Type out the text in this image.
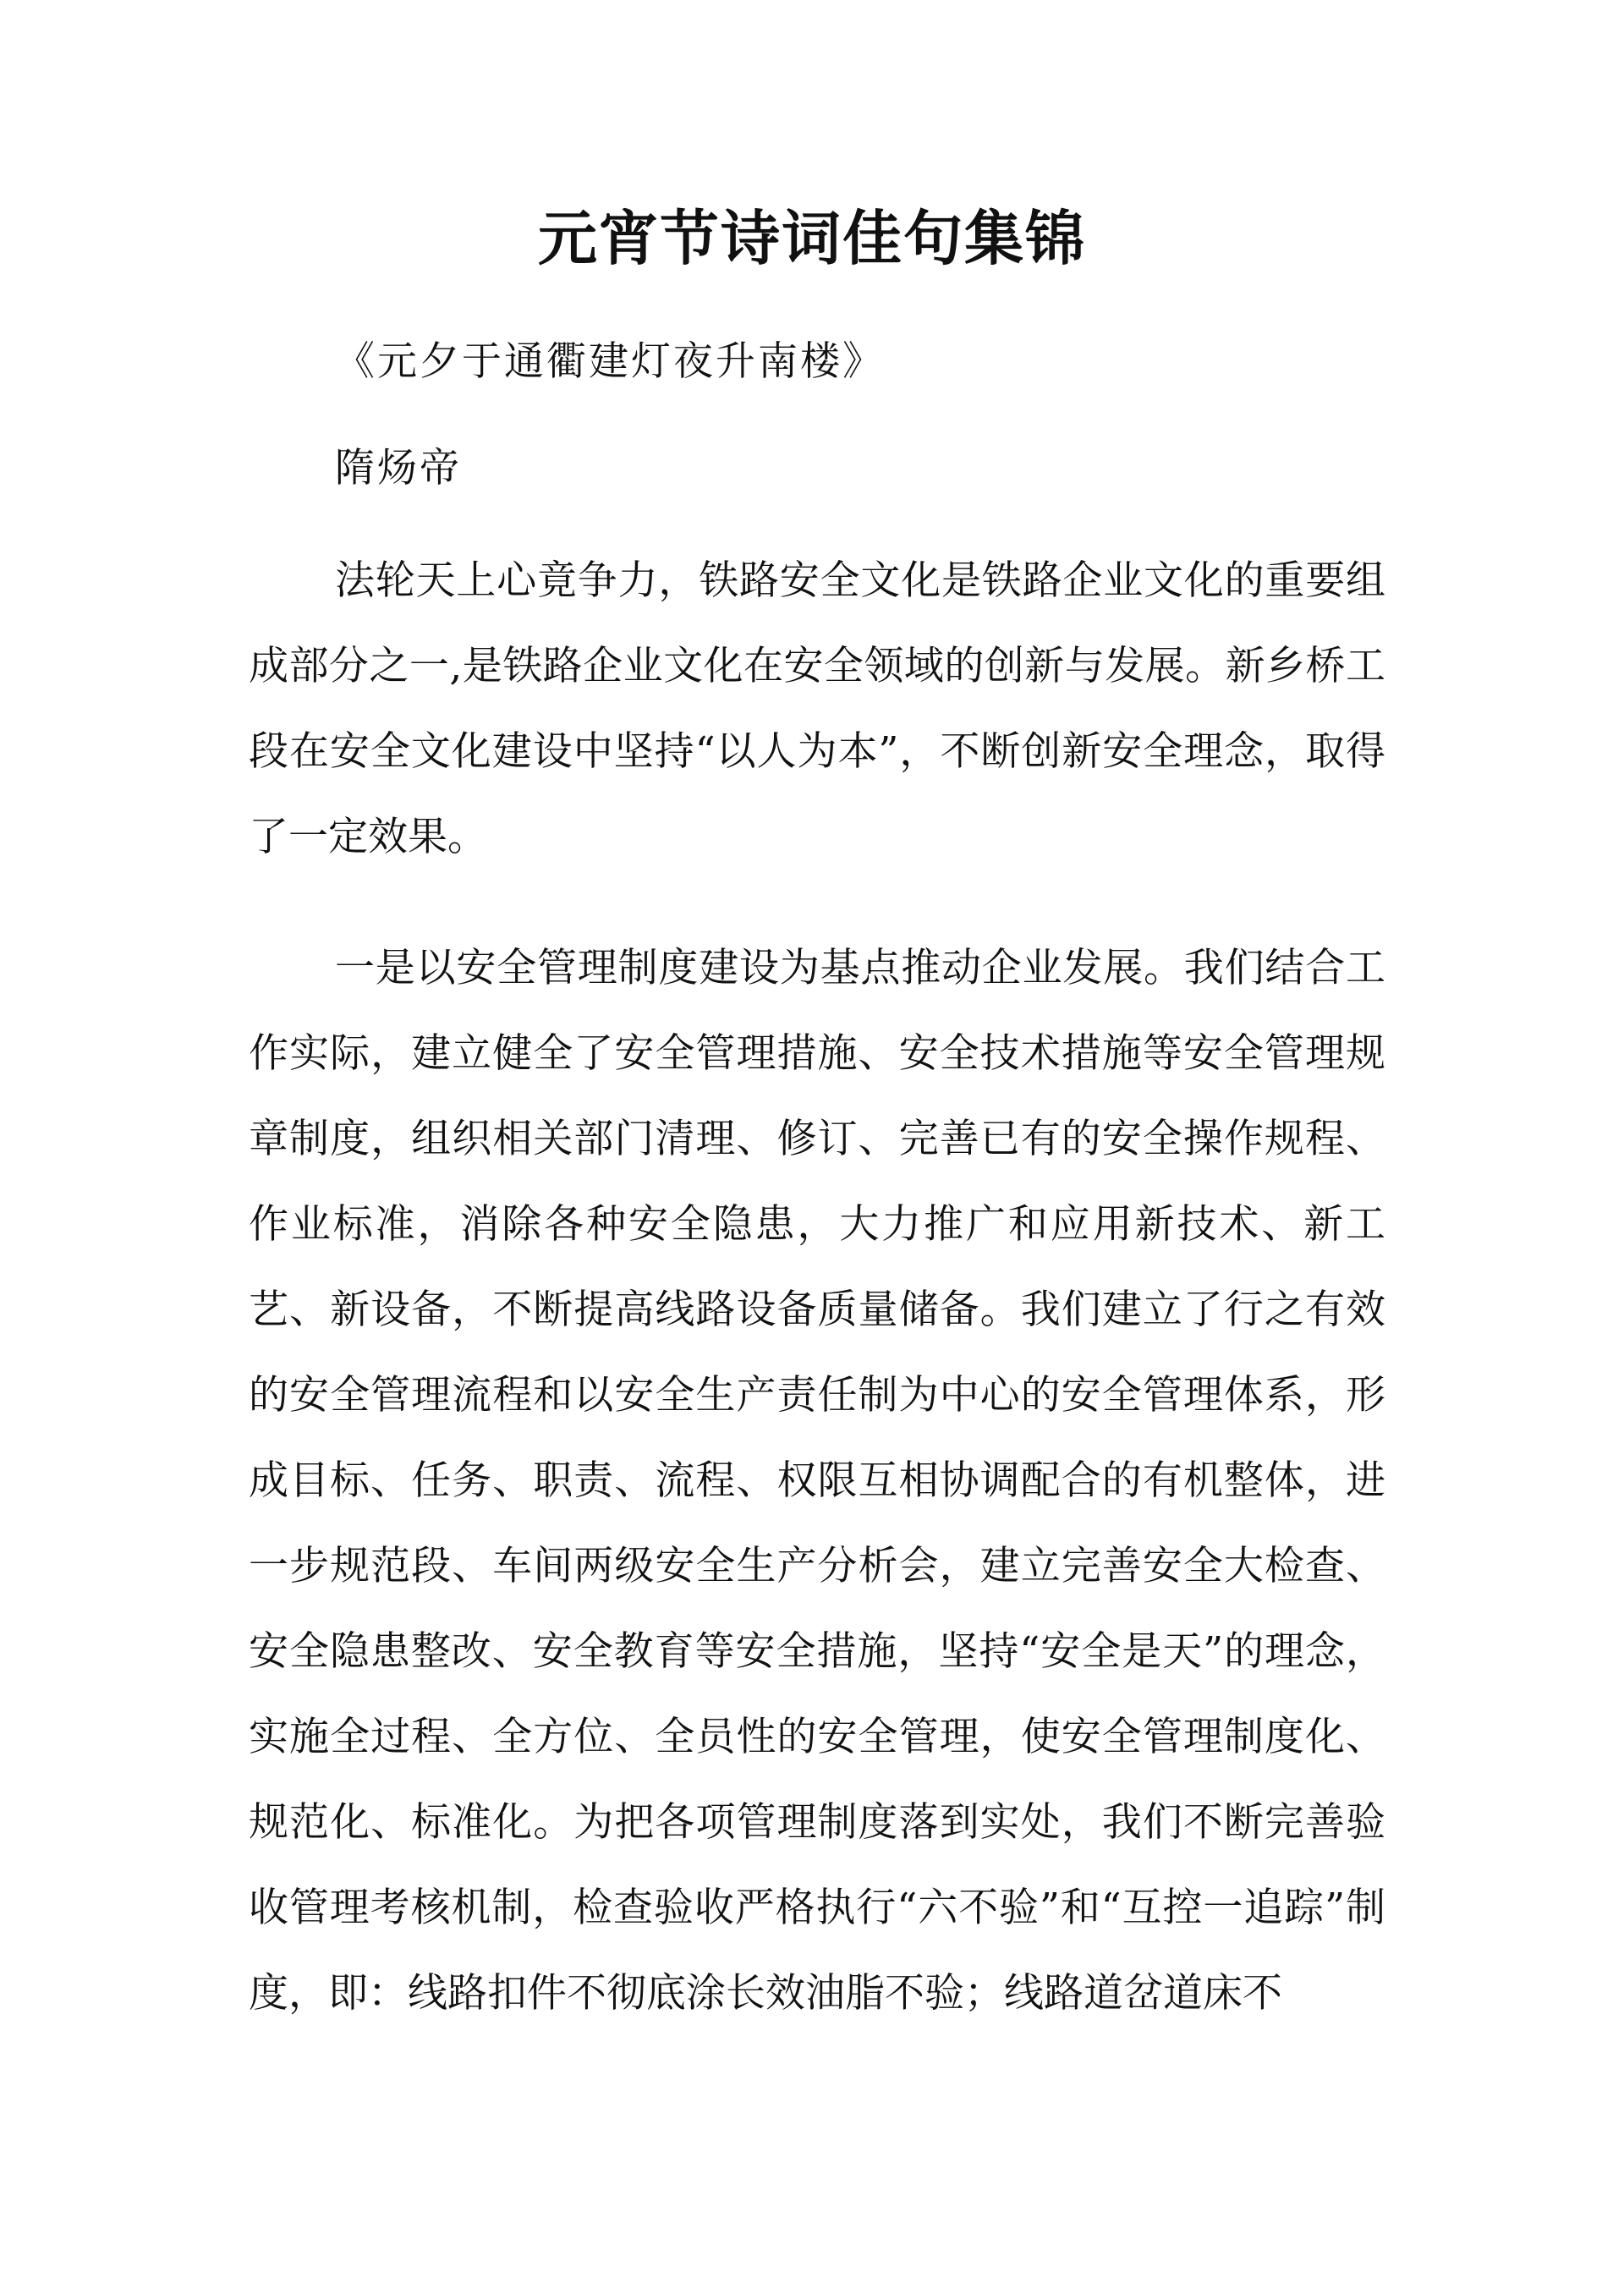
元宵节诗词佳句集锦

《元夕于通衢建灯夜升南楼》

隋炀帝

法轮天上心竟争力，铁路安全文化是铁路企业文化的重要组成部分之一,是铁路企业文化在安全领域的创新与发展。新乡桥工段在安全文化建设中坚持“以人为本”，不断创新安全理念，取得了一定效果。

一是以安全管理制度建设为基点推动企业发展。我们结合工作实际，建立健全了安全管理措施、安全技术措施等安全管理规章制度，组织相关部门清理、修订、完善已有的安全操作规程、作业标准，消除各种安全隐患，大力推广和应用新技术、新工艺、新设备，不断提高线路设备质量储备。我们建立了行之有效的安全管理流程和以安全生产责任制为中心的安全管理体系，形成目标、任务、职责、流程、权限互相协调配合的有机整体，进一步规范段、车间两级安全生产分析会，建立完善安全大检查、安全隐患整改、安全教育等安全措施，坚持“安全是天”的理念，实施全过程、全方位、全员性的安全管理，使安全管理制度化、规范化、标准化。为把各项管理制度落到实处，我们不断完善验收管理考核机制，检查验收严格执行“六不验”和“互控一追踪”制度，即：线路扣件不彻底涂长效油脂不验；线路道岔道床不
